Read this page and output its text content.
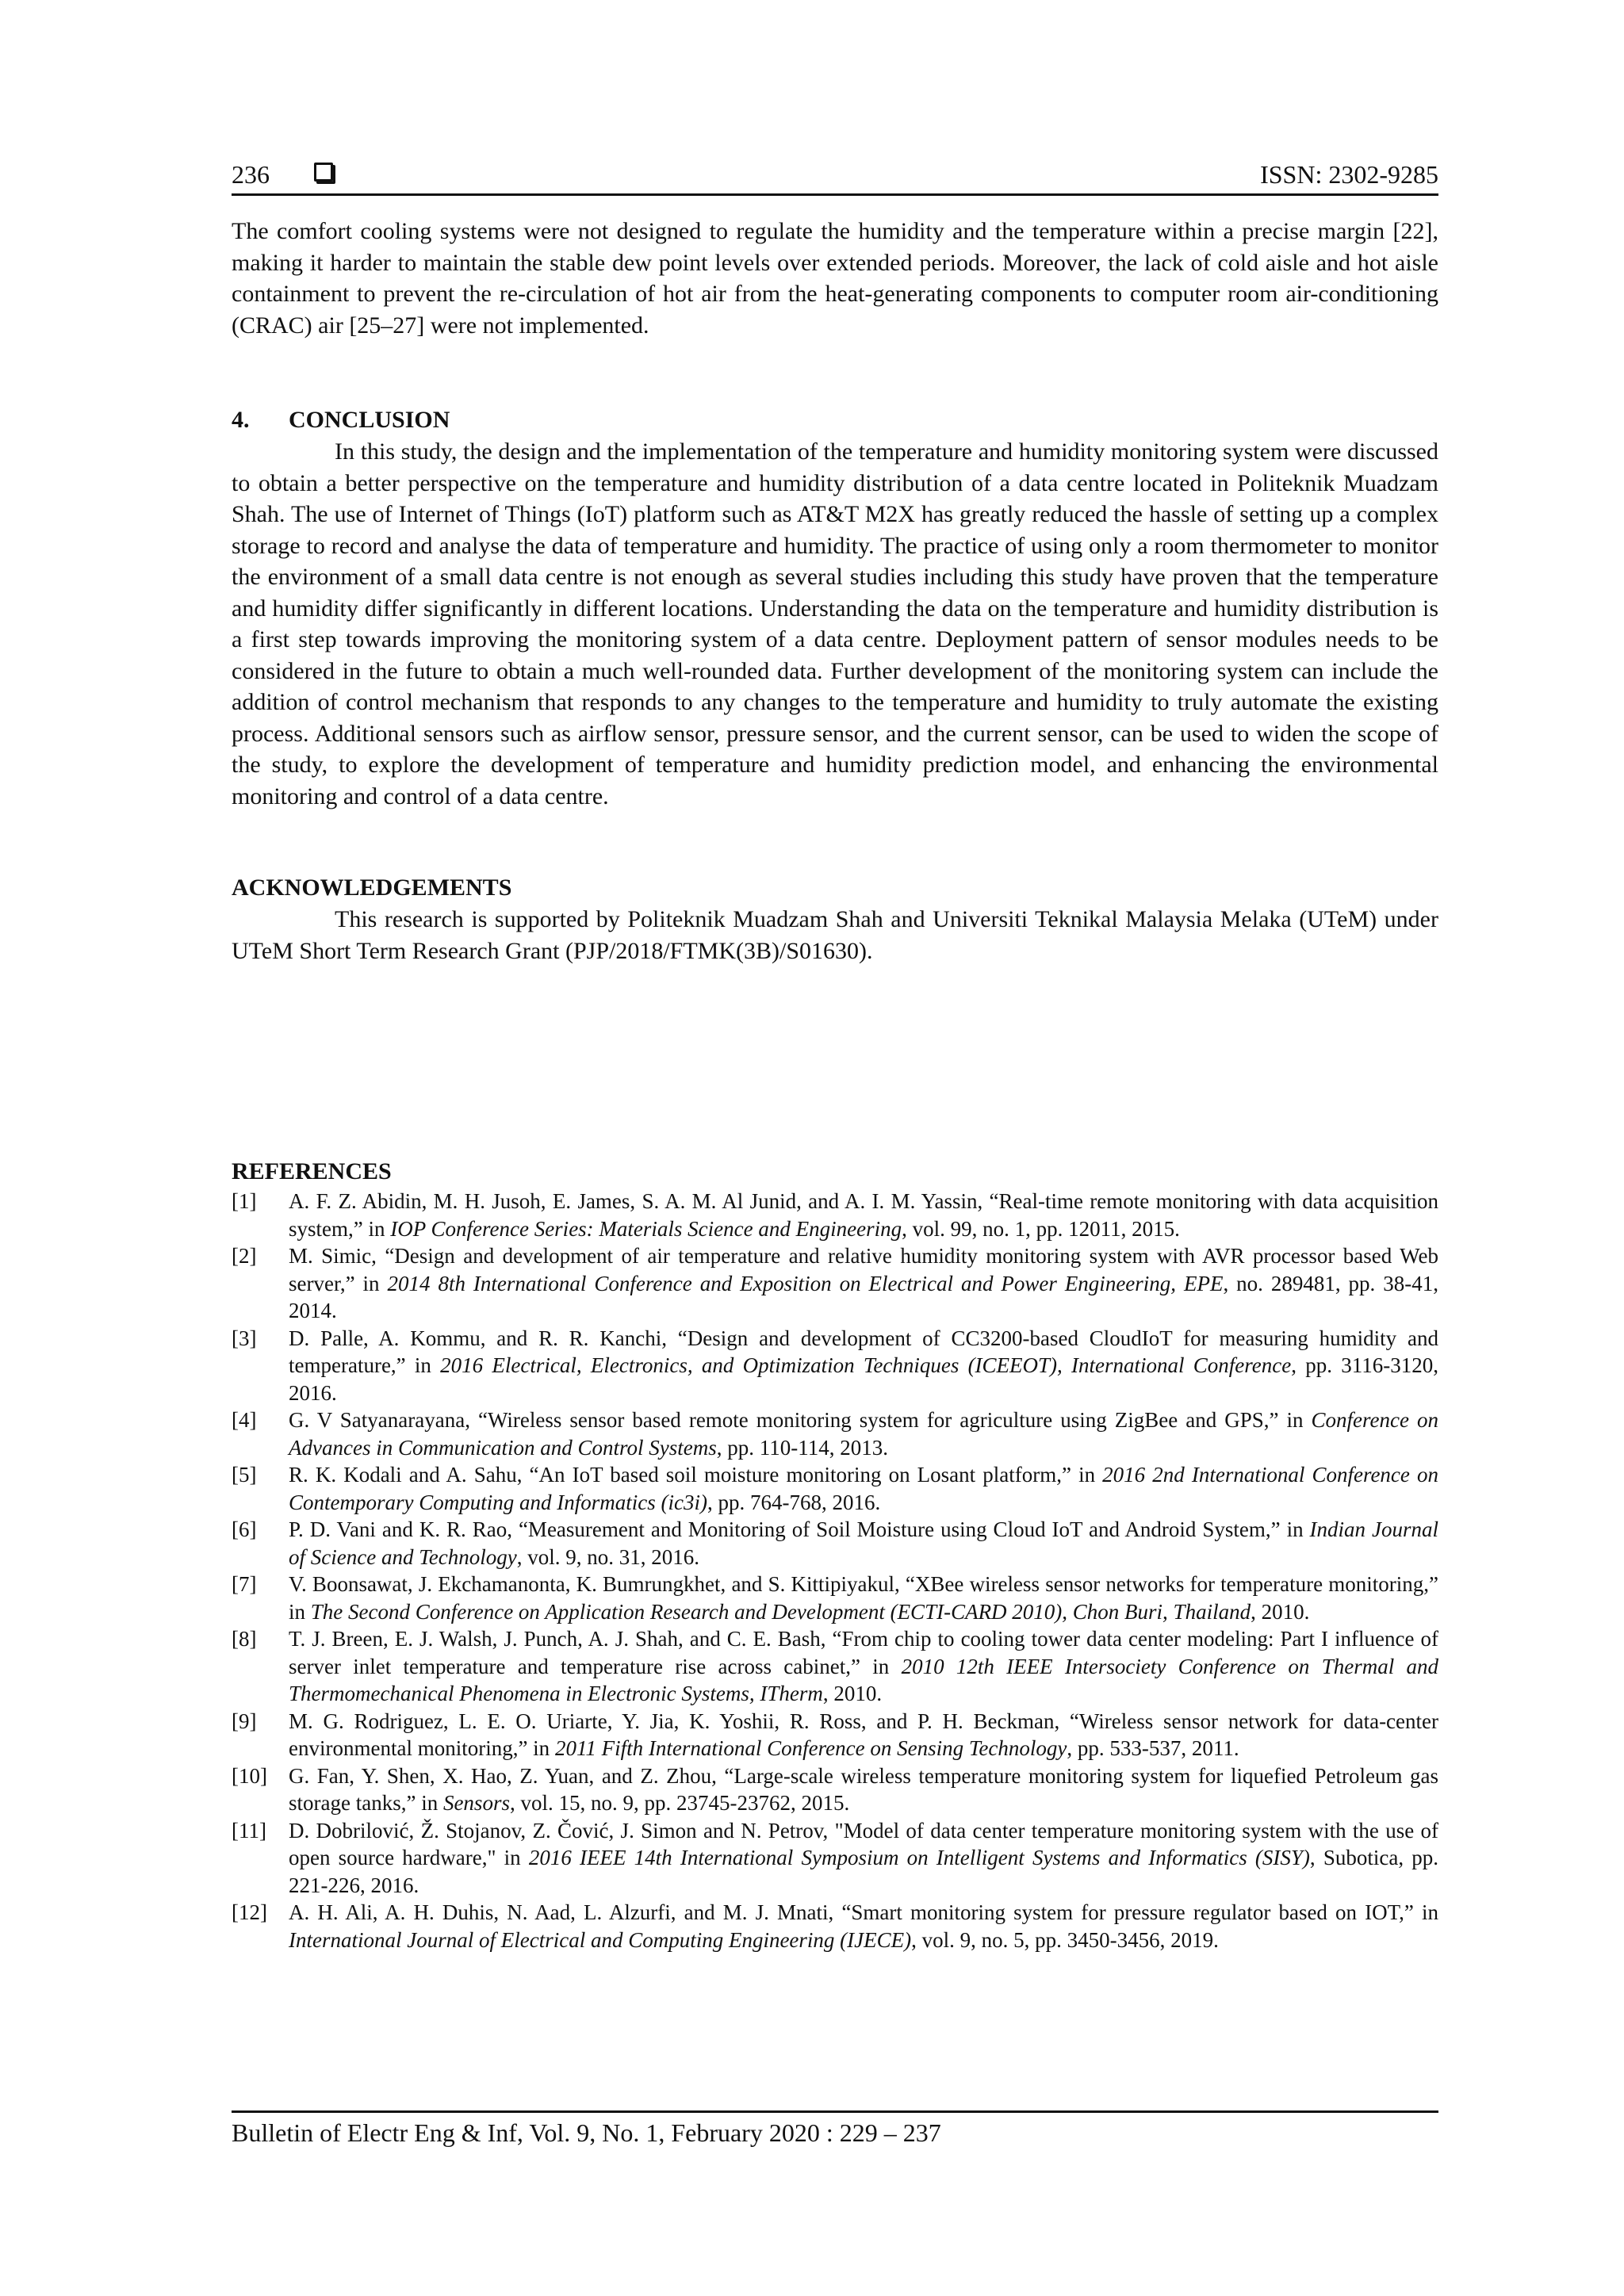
236	ISSN: 2302-9285

The comfort cooling systems were not designed to regulate the humidity and the temperature within a precise margin [22], making it harder to maintain the stable dew point levels over extended periods. Moreover, the lack of cold aisle and hot aisle containment to prevent the re-circulation of hot air from the heat-generating components to computer room air-conditioning (CRAC) air [25–27] were not implemented.

4. CONCLUSION

In this study, the design and the implementation of the temperature and humidity monitoring system were discussed to obtain a better perspective on the temperature and humidity distribution of a data centre located in Politeknik Muadzam Shah. The use of Internet of Things (IoT) platform such as AT&T M2X has greatly reduced the hassle of setting up a complex storage to record and analyse the data of temperature and humidity. The practice of using only a room thermometer to monitor the environment of a small data centre is not enough as several studies including this study have proven that the temperature and humidity differ significantly in different locations. Understanding the data on the temperature and humidity distribution is a first step towards improving the monitoring system of a data centre. Deployment pattern of sensor modules needs to be considered in the future to obtain a much well-rounded data. Further development of the monitoring system can include the addition of control mechanism that responds to any changes to the temperature and humidity to truly automate the existing process. Additional sensors such as airflow sensor, pressure sensor, and the current sensor, can be used to widen the scope of the study, to explore the development of temperature and humidity prediction model, and enhancing the environmental monitoring and control of a data centre.

ACKNOWLEDGEMENTS

This research is supported by Politeknik Muadzam Shah and Universiti Teknikal Malaysia Melaka (UTeM) under UTeM Short Term Research Grant (PJP/2018/FTMK(3B)/S01630).

REFERENCES
[1]	A. F. Z. Abidin, M. H. Jusoh, E. James, S. A. M. Al Junid, and A. I. M. Yassin, “Real-time remote monitoring with data acquisition system,” in IOP Conference Series: Materials Science and Engineering, vol. 99, no. 1, pp. 12011, 2015.
[2]	M. Simic, “Design and development of air temperature and relative humidity monitoring system with AVR processor based Web server,” in 2014 8th International Conference and Exposition on Electrical and Power Engineering, EPE, no. 289481, pp. 38-41, 2014.
[3]	D. Palle, A. Kommu, and R. R. Kanchi, “Design and development of CC3200-based CloudIoT for measuring humidity and temperature,” in 2016 Electrical, Electronics, and Optimization Techniques (ICEEOT), International Conference, pp. 3116-3120, 2016.
[4]	G. V Satyanarayana, “Wireless sensor based remote monitoring system for agriculture using ZigBee and GPS,” in Conference on Advances in Communication and Control Systems, pp. 110-114, 2013.
[5]	R. K. Kodali and A. Sahu, “An IoT based soil moisture monitoring on Losant platform,” in 2016 2nd International Conference on Contemporary Computing and Informatics (ic3i), pp. 764-768, 2016.
[6]	P. D. Vani and K. R. Rao, “Measurement and Monitoring of Soil Moisture using Cloud IoT and Android System,” in Indian Journal of Science and Technology, vol. 9, no. 31, 2016.
[7]	V. Boonsawat, J. Ekchamanonta, K. Bumrungkhet, and S. Kittipiyakul, “XBee wireless sensor networks for temperature monitoring,” in The Second Conference on Application Research and Development (ECTI-CARD 2010), Chon Buri, Thailand, 2010.
[8]	T. J. Breen, E. J. Walsh, J. Punch, A. J. Shah, and C. E. Bash, “From chip to cooling tower data center modeling: Part I influence of server inlet temperature and temperature rise across cabinet,” in 2010 12th IEEE Intersociety Conference on Thermal and Thermomechanical Phenomena in Electronic Systems, ITherm, 2010.
[9]	M. G. Rodriguez, L. E. O. Uriarte, Y. Jia, K. Yoshii, R. Ross, and P. H. Beckman, “Wireless sensor network for data-center environmental monitoring,” in 2011 Fifth International Conference on Sensing Technology, pp. 533-537, 2011.
[10]	G. Fan, Y. Shen, X. Hao, Z. Yuan, and Z. Zhou, “Large-scale wireless temperature monitoring system for liquefied Petroleum gas storage tanks,” in Sensors, vol. 15, no. 9, pp. 23745-23762, 2015.
[11]	D. Dobrilović, Ž. Stojanov, Z. Čović, J. Simon and N. Petrov, "Model of data center temperature monitoring system with the use of open source hardware," in 2016 IEEE 14th International Symposium on Intelligent Systems and Informatics (SISY), Subotica, pp. 221-226, 2016.
[12]	A. H. Ali, A. H. Duhis, N. Aad, L. Alzurfi, and M. J. Mnati, “Smart monitoring system for pressure regulator based on IOT,” in International Journal of Electrical and Computing Engineering (IJECE), vol. 9, no. 5, pp. 3450-3456, 2019.
Bulletin of Electr Eng & Inf, Vol. 9, No. 1, February 2020 : 229 – 237
